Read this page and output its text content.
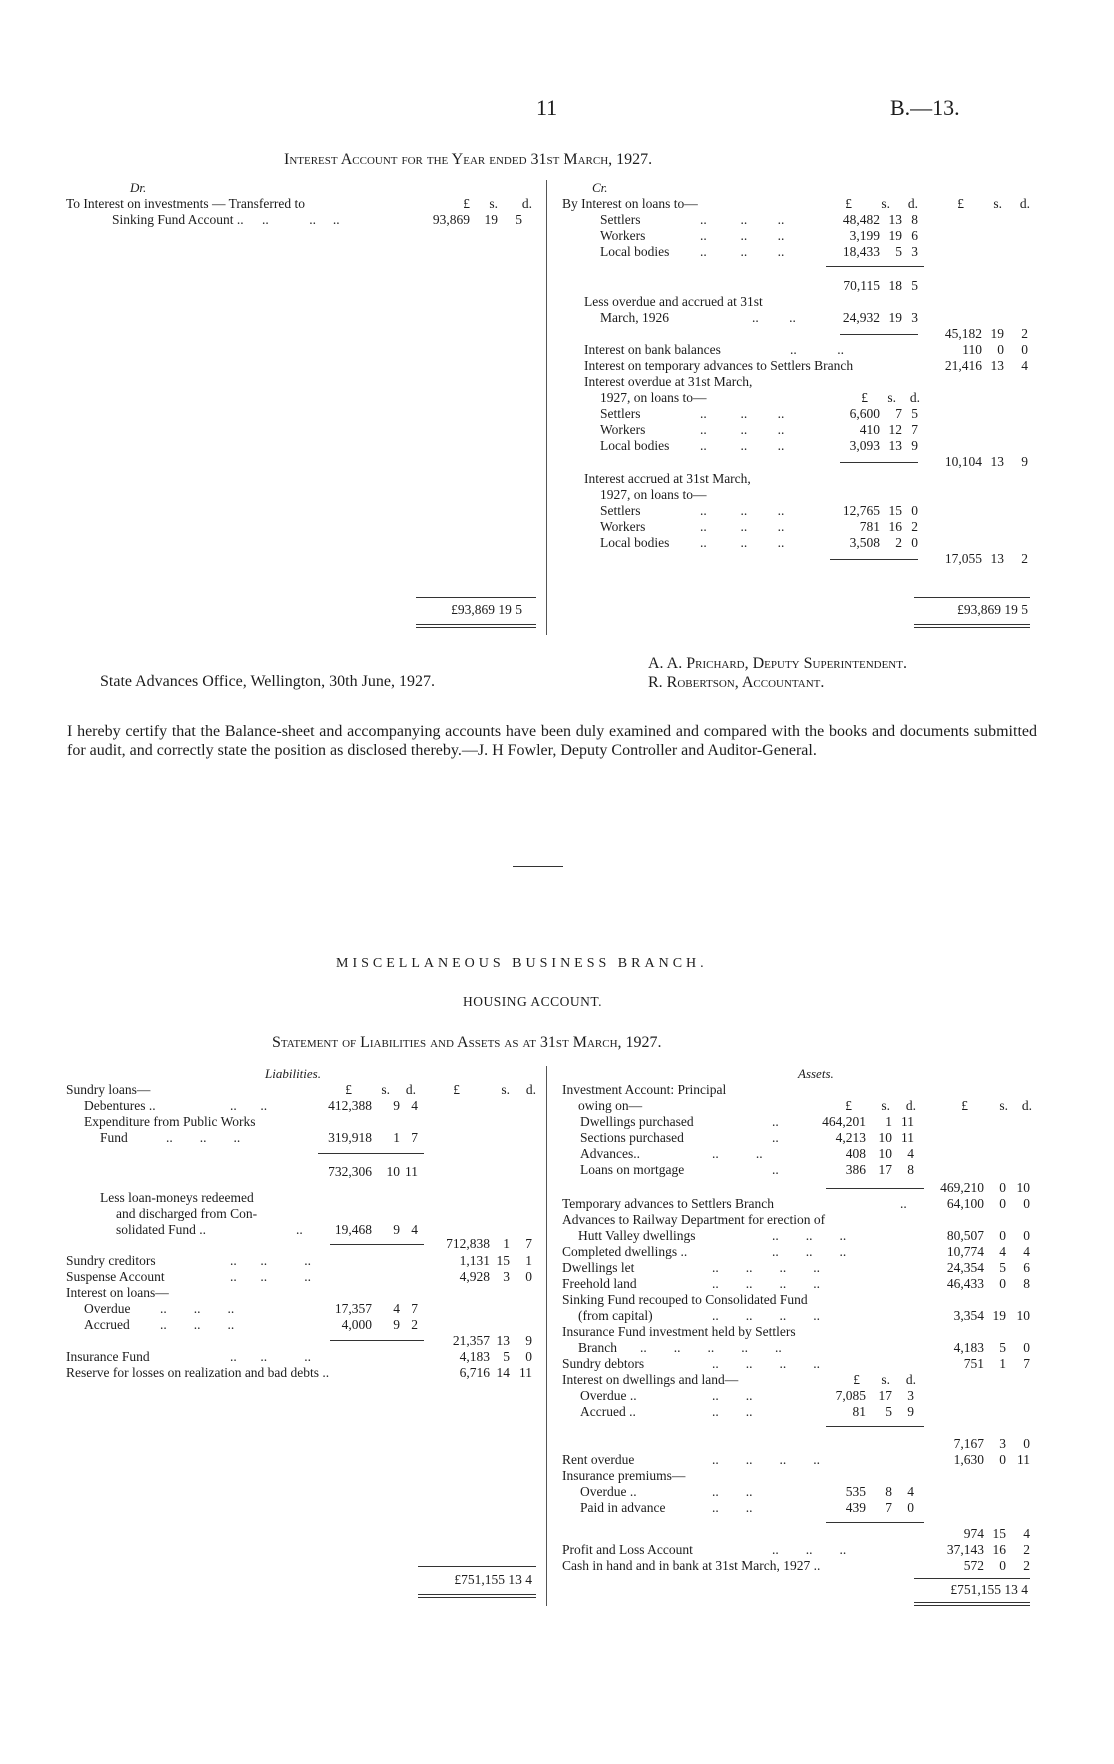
11	B.—13.
Interest Account for the Year ended 31st March, 1927.
Dr.
To Interest on investments — Transferred to
Sinking Fund Account .. ..            ..     ..
£	s.	d.
93,869	19	5
£93,869 19 5
Cr.
By Interest on loans to—	£	s.	d.	£	s.	d.
Settlers	..          ..         ..	48,482 13 8
Workers	..          ..         ..	3,199 19 6
Local bodies ..          ..         ..	18,433	5 3
70,115 18 5
Less overdue and accrued at 31st
March, 1926	..         ..	24,932 19 3
45,182 19	2
Interest on bank balances	..            ..	110	0	0
Interest on temporary advances to Settlers Branch	21,416 13	4
Interest overdue at 31st March,
1927, on loans to—	£	s.	d.
Settlers	..          ..         ..	6,600	7 5
Workers	..          ..         ..	410 12 7
Local bodies ..          ..         ..	3,093 13 9
10,104 13	9
Interest accrued at 31st March,
1927, on loans to—
Settlers	..          ..         ..	12,765 15 0
Workers	..          ..         ..	781 16 2
Local bodies ..          ..         ..	3,508	2 0
17,055 13	2
£93,869 19 5
State Advances Office, Wellington, 30th June, 1927.
A. A. Prichard, Deputy Superintendent.
R. Robertson, Accountant.
I hereby certify that the Balance-sheet and accompanying accounts have been duly examined and compared with the books and documents submitted for audit, and correctly state the position as disclosed thereby.—J. H Fowler, Deputy Controller and Auditor-General.
MISCELLANEOUS BUSINESS BRANCH.
HOUSING ACCOUNT.
Statement of Liabilities and Assets as at 31st March, 1927.
Liabilities.
£	s.	d.	£	s.	d.
Sundry loans—
Debentures ..	..       ..	412,388	9 4
Expenditure from Public Works
Fund	..        ..        ..	319,918	1 7
732,306	10 11
Less loan-moneys redeemed
and discharged from Con-
solidated Fund ..	..	19,468	9 4
712,838 1	7
Sundry creditors	..       ..           ..	1,131 15	1
Suspense Account	..       ..           ..	4,928 3	0
Interest on loans—
Overdue ..        ..        ..	17,357	4 7
Accrued ..        ..        ..	4,000	9 2
21,357 13	9
Insurance Fund	..       ..           ..	4,183 5	0
Reserve for losses on realization and bad debts ..	6,716 14 11
£751,155 13 4
Assets.
Investment Account: Principal
owing on—	£	s.	d.	£	s.	d.
Dwellings purchased	..	464,201	1 11
Sections purchased	..	4,213 10 11
Advances..	..           ..	408 10	4
Loans on mortgage	..	386 17	8
469,210	0 10
Temporary advances to Settlers Branch	..	64,100	0	0
Advances to Railway Department for erection of
Hutt Valley dwellings	..        ..        ..	80,507	0	0
Completed dwellings ..	..        ..        ..	10,774	4	4
Dwellings let	..        ..        ..        ..	24,354	5	6
Freehold land	..        ..        ..        ..	46,433	0	8
Sinking Fund recouped to Consolidated Fund
(from capital)	..        ..        ..        ..	3,354 19 10
Insurance Fund investment held by Settlers
Branch ..        ..        ..        ..        ..	4,183	5	0
Sundry debtors	..        ..        ..        ..	751	1	7
Interest on dwellings and land—	£	s.	d.
Overdue ..	..        ..	7,085 17	3
Accrued ..	..        ..	81	5	9
7,167	3	0
Rent overdue	..        ..        ..        ..	1,630	0 11
Insurance premiums—
Overdue ..	..        ..	535	8	4
Paid in advance	..        ..	439	7	0
974 15	4
Profit and Loss Account	..        ..        ..	37,143 16	2
Cash in hand and in bank at 31st March, 1927 ..	572	0	2
£751,155 13 4
